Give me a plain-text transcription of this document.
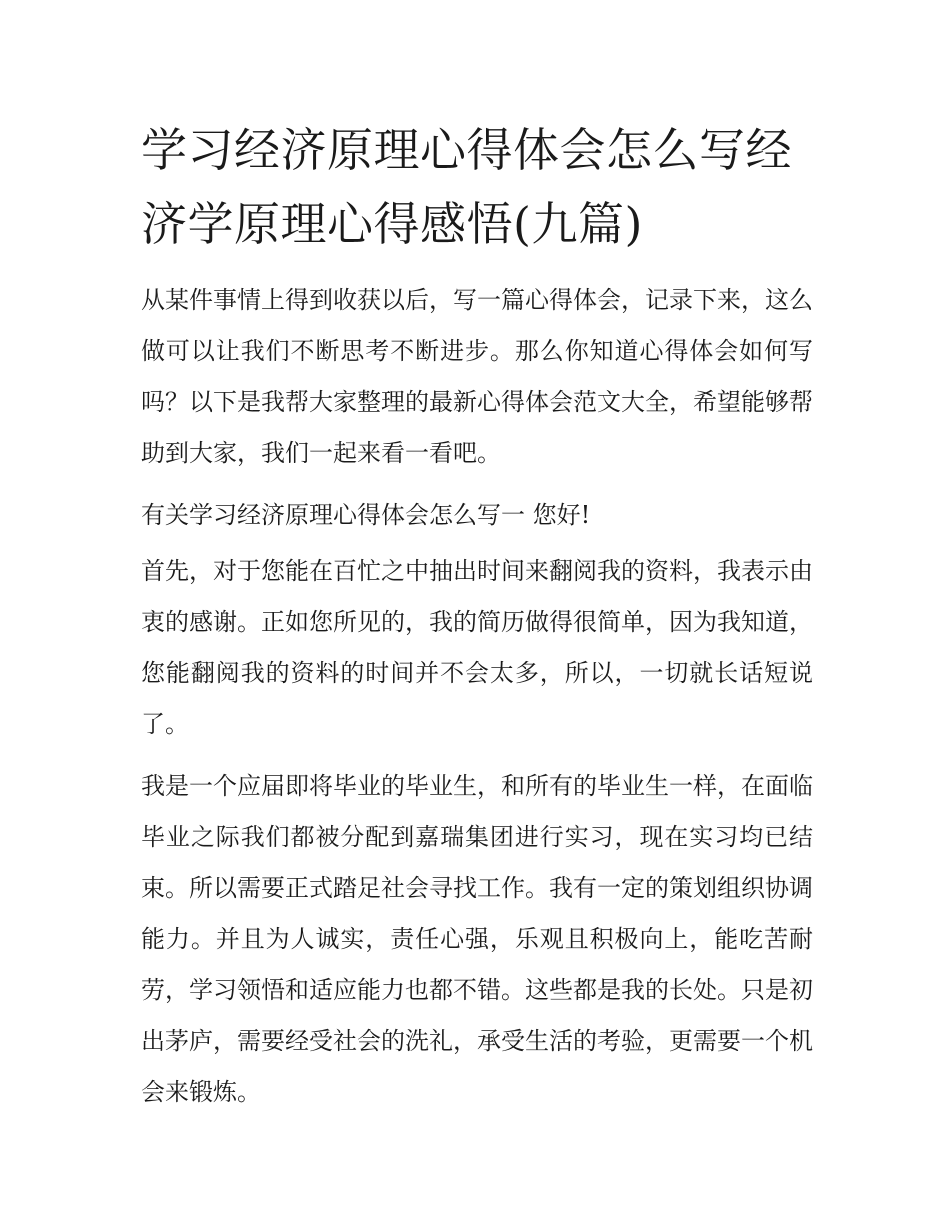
学习经济原理心得体会怎么写经济学原理心得感悟(九篇)

从某件事情上得到收获以后，写一篇心得体会，记录下来，这么做可以让我们不断思考不断进步。那么你知道心得体会如何写吗？以下是我帮大家整理的最新心得体会范文大全，希望能够帮助到大家，我们一起来看一看吧。

有关学习经济原理心得体会怎么写一 您好!

首先，对于您能在百忙之中抽出时间来翻阅我的资料，我表示由衷的感谢。正如您所见的，我的简历做得很简单，因为我知道，您能翻阅我的资料的时间并不会太多，所以，一切就长话短说了。

我是一个应届即将毕业的毕业生，和所有的毕业生一样，在面临毕业之际我们都被分配到嘉瑞集团进行实习，现在实习均已结束。所以需要正式踏足社会寻找工作。我有一定的策划组织协调能力。并且为人诚实，责任心强，乐观且积极向上，能吃苦耐劳，学习领悟和适应能力也都不错。这些都是我的长处。只是初出茅庐，需要经受社会的洗礼，承受生活的考验，更需要一个机会来锻炼。
